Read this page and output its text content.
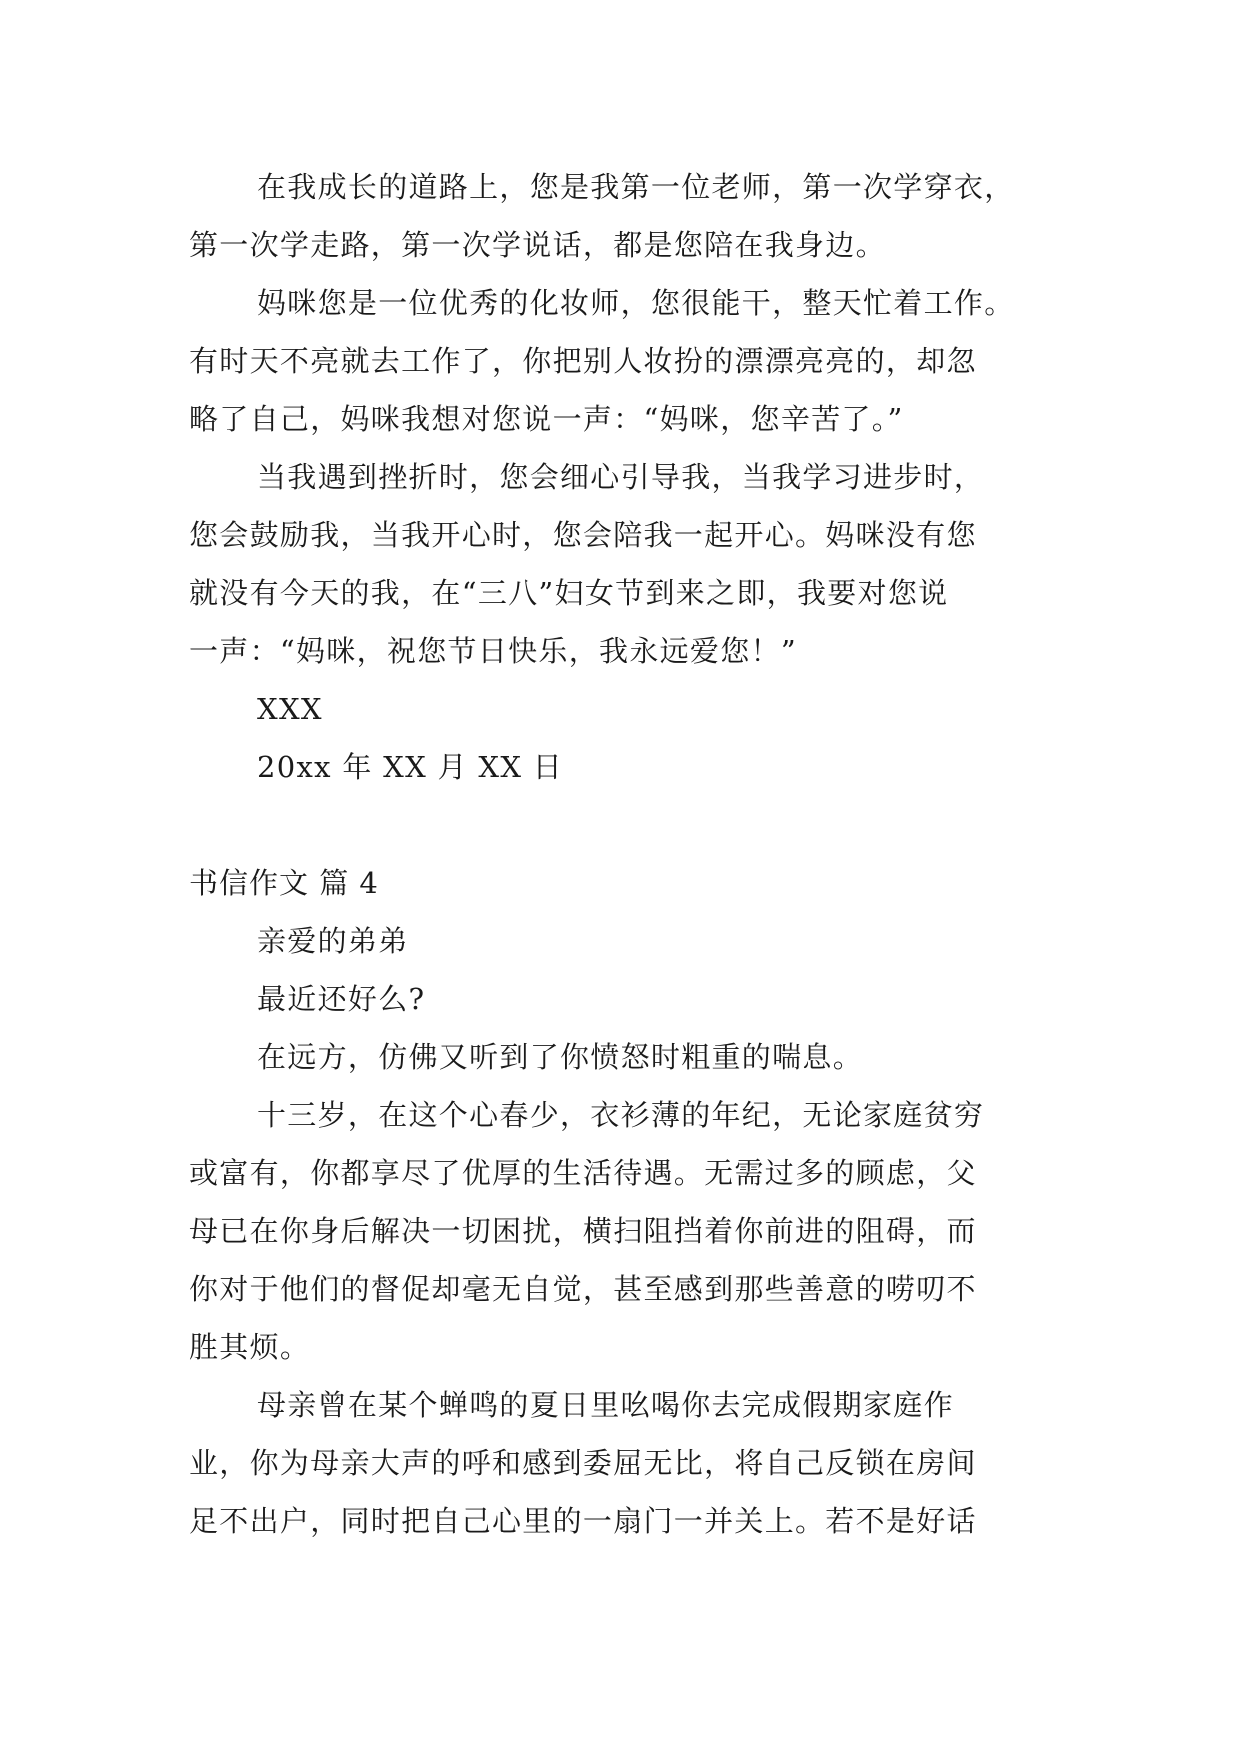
在我成长的道路上，您是我第一位老师，第一次学穿衣，
第一次学走路，第一次学说话，都是您陪在我身边。
妈咪您是一位优秀的化妆师，您很能干，整天忙着工作。
有时天不亮就去工作了，你把别人妆扮的漂漂亮亮的，却忽
略了自己，妈咪我想对您说一声：“妈咪，您辛苦了。”
当我遇到挫折时，您会细心引导我，当我学习进步时，
您会鼓励我，当我开心时，您会陪我一起开心。妈咪没有您
就没有今天的我，在“三八”妇女节到来之即，我要对您说
一声：“妈咪，祝您节日快乐，我永远爱您！”
XXX
20xx 年 XX 月 XX 日
书信作文 篇 4
亲爱的弟弟
最近还好么?
在远方，仿佛又听到了你愤怒时粗重的喘息。
十三岁，在这个心春少，衣衫薄的年纪，无论家庭贫穷
或富有，你都享尽了优厚的生活待遇。无需过多的顾虑，父
母已在你身后解决一切困扰，横扫阻挡着你前进的阻碍，而
你对于他们的督促却毫无自觉，甚至感到那些善意的唠叨不
胜其烦。
母亲曾在某个蝉鸣的夏日里吆喝你去完成假期家庭作
业，你为母亲大声的呼和感到委屈无比，将自己反锁在房间
足不出户，同时把自己心里的一扇门一并关上。若不是好话
